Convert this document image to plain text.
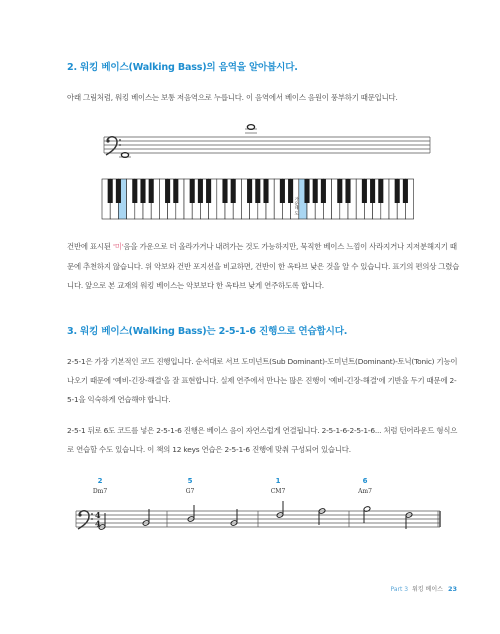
2. 워킹 베이스(Walking Bass)의 음역을 알아봅시다.
아래 그림처럼, 워킹 베이스는 보통 저음역으로 누릅니다. 이 음역에서 베이스 음원이 풍부하기 때문입니다.
가운데 도
건반에 표시된 '미'음을 가운으로 더 올라가거나 내려가는 것도 가능하지만, 묵직한 베이스 느낌이 사라지거나 지저분해지기 때문에 추천하지 않습니다. 위 악보와 건반 포지션을 비교하면, 건반이 한 옥타브 낮은 것을 알 수 있습니다. 표기의 편의상 그렸습니다. 앞으로 본 교재의 워킹 베이스는 악보보다 한 옥타브 낮게 연주하도록 합니다.
3. 워킹 베이스(Walking Bass)는 2-5-1-6 진행으로 연습합시다.
2-5-1은 가장 기본적인 코드 진행입니다. 순서대로 서브 도미넌트(Sub Dominant)-도미넌트(Dominant)-토닉(Tonic) 기능이 나오기 때문에 '예비-긴장-해결'을 잘 표현합니다. 실제 연주에서 만나는 많은 진행이 '예비-긴장-해결'에 기반을 두기 때문에 2-5-1을 익숙하게 연습해야 합니다.
2-5-1 뒤로 6도 코드를 넣은 2-5-1-6 진행은 베이스 음이 자연스럽게 연결됩니다. 2-5-1-6-2-5-1-6... 처럼 턴어라운드 형식으로 연습할 수도 있습니다. 이 책의 12 keys 연습은 2-5-1-6 진행에 맞춰 구성되어 있습니다.
4
4
2	5	1	6
Dm7	G7	CM7	Am7
Part 3 워킹 베이스 23
